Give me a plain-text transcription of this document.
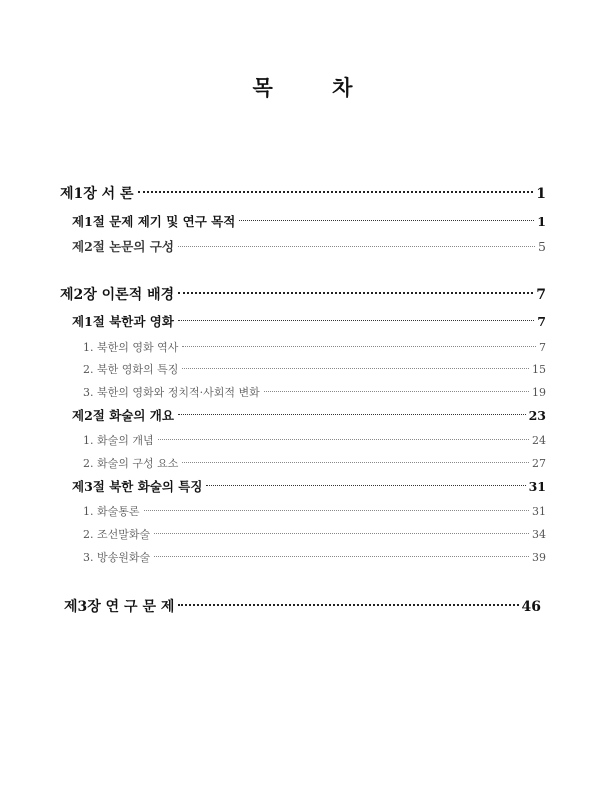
목 차
제1장 서 론	1
제1절 문제 제기 및 연구 목적	1
제2절 논문의 구성	5
제2장 이론적 배경	7
제1절 북한과 영화	7
1. 북한의 영화 역사	7
2. 북한 영화의 특징	15
3. 북한의 영화와 정치적·사회적 변화	19
제2절 화술의 개요	23
1. 화술의 개념	24
2. 화술의 구성 요소	27
제3절 북한 화술의 특징	31
1. 화술통론	31
2. 조선말화술	34
3. 방송원화술	39
제3장 연 구 문 제	46
